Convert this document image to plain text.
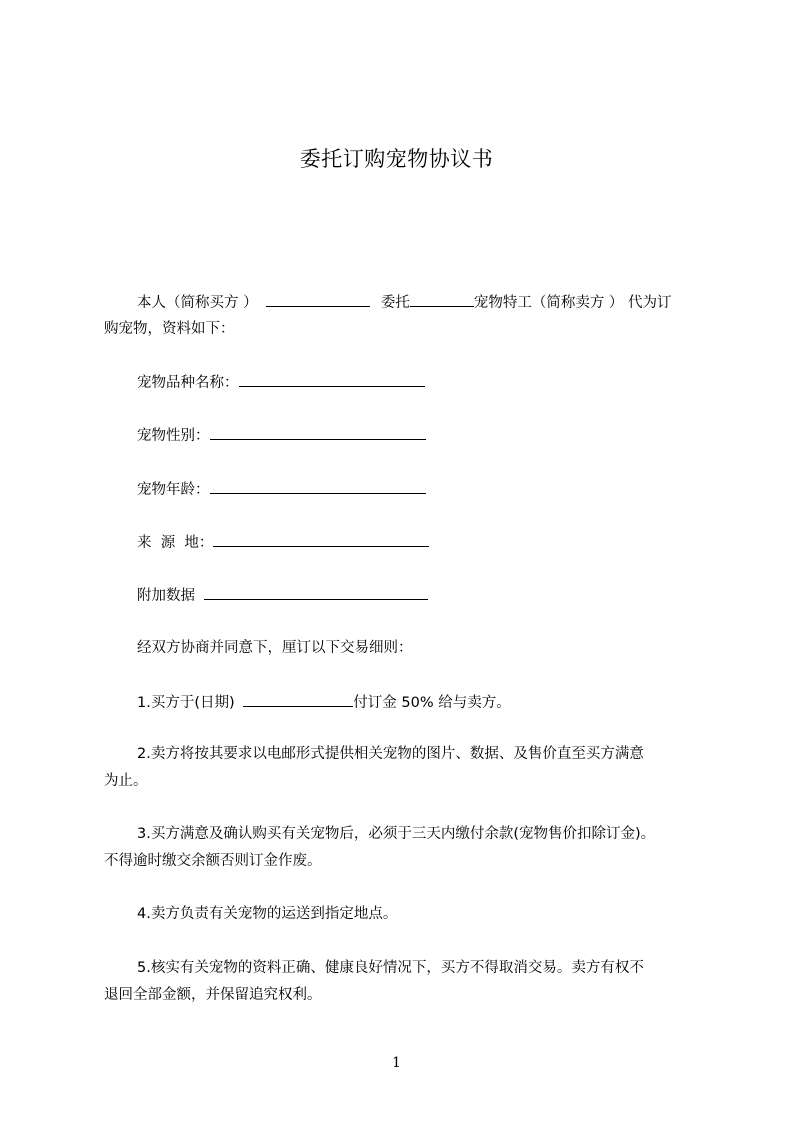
委托订购宠物协议书
本人（简称买方 ）	委托	宠物特工（简称卖方 ） 代为订
购宠物，资料如下：
宠物品种名称：
宠物性别：
宠物年龄：
来  源  地：
附加数据
经双方协商并同意下，厘订以下交易细则：
1.买方于(日期)	付订金 50% 给与卖方。
2.卖方将按其要求以电邮形式提供相关宠物的图片、数据、及售价直至买方满意
为止。
3.买方满意及确认购买有关宠物后，必须于三天内缴付余款(宠物售价扣除订金)。
不得逾时缴交余额否则订金作废。
4.卖方负责有关宠物的运送到指定地点。
5.核实有关宠物的资料正确、健康良好情况下，买方不得取消交易。卖方有权不
退回全部金额，并保留追究权利。
1
